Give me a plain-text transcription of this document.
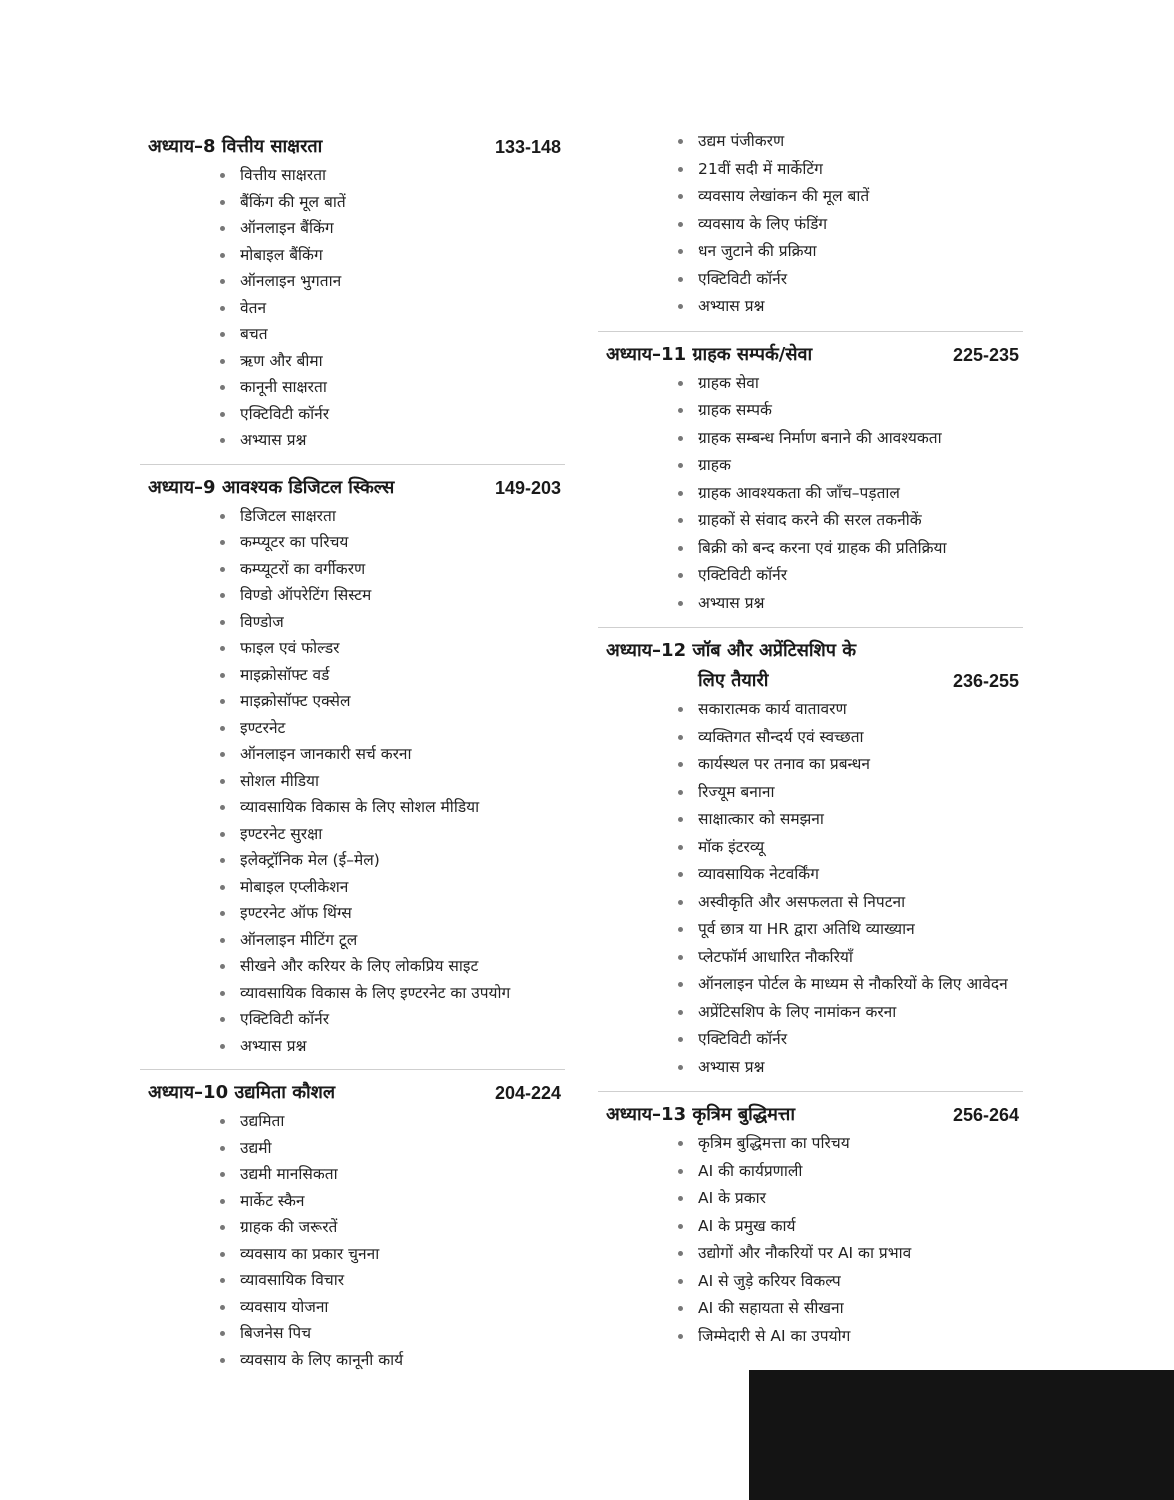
अध्याय–8 वित्तीय साक्षरता	133-148
वित्तीय साक्षरता
बैंकिंग की मूल बातें
ऑनलाइन बैंकिंग
मोबाइल बैंकिंग
ऑनलाइन भुगतान
वेतन
बचत
ऋण और बीमा
कानूनी साक्षरता
एक्टिविटी कॉर्नर
अभ्यास प्रश्न
अध्याय–9 आवश्यक डिजिटल स्किल्स	149-203
डिजिटल साक्षरता
कम्प्यूटर का परिचय
कम्प्यूटरों का वर्गीकरण
विण्डो ऑपरेटिंग सिस्टम
विण्डोज
फाइल एवं फोल्डर
माइक्रोसॉफ्ट वर्ड
माइक्रोसॉफ्ट एक्सेल
इण्टरनेट
ऑनलाइन जानकारी सर्च करना
सोशल मीडिया
व्यावसायिक विकास के लिए सोशल मीडिया
इण्टरनेट सुरक्षा
इलेक्ट्रॉनिक मेल (ई–मेल)
मोबाइल एप्लीकेशन
इण्टरनेट ऑफ थिंग्स
ऑनलाइन मीटिंग टूल
सीखने और करियर के लिए लोकप्रिय साइट
व्यावसायिक विकास के लिए इण्टरनेट का उपयोग
एक्टिविटी कॉर्नर
अभ्यास प्रश्न
अध्याय–10 उद्यमिता कौशल	204-224
उद्यमिता
उद्यमी
उद्यमी मानसिकता
मार्केट स्कैन
ग्राहक की जरूरतें
व्यवसाय का प्रकार चुनना
व्यावसायिक विचार
व्यवसाय योजना
बिजनेस पिच
व्यवसाय के लिए कानूनी कार्य
उद्यम पंजीकरण
21वीं सदी में मार्केटिंग
व्यवसाय लेखांकन की मूल बातें
व्यवसाय के लिए फंडिंग
धन जुटाने की प्रक्रिया
एक्टिविटी कॉर्नर
अभ्यास प्रश्न
अध्याय–11 ग्राहक सम्पर्क/सेवा	225-235
ग्राहक सेवा
ग्राहक सम्पर्क
ग्राहक सम्बन्ध निर्माण बनाने की आवश्यकता
ग्राहक
ग्राहक आवश्यकता की जाँच–पड़ताल
ग्राहकों से संवाद करने की सरल तकनीकें
बिक्री को बन्द करना एवं ग्राहक की प्रतिक्रिया
एक्टिविटी कॉर्नर
अभ्यास प्रश्न
अध्याय–12 जॉब और अप्रेंटिसशिप के
लिए तैयारी	236-255
सकारात्मक कार्य वातावरण
व्यक्तिगत सौन्दर्य एवं स्वच्छता
कार्यस्थल पर तनाव का प्रबन्धन
रिज्यूम बनाना
साक्षात्कार को समझना
मॉक इंटरव्यू
व्यावसायिक नेटवर्किंग
अस्वीकृति और असफलता से निपटना
पूर्व छात्र या HR द्वारा अतिथि व्याख्यान
प्लेटफॉर्म आधारित नौकरियाँ
ऑनलाइन पोर्टल के माध्यम से नौकरियों के लिए आवेदन
अप्रेंटिसशिप के लिए नामांकन करना
एक्टिविटी कॉर्नर
अभ्यास प्रश्न
अध्याय–13 कृत्रिम बुद्धिमत्ता	256-264
कृत्रिम बुद्धिमत्ता का परिचय
AI की कार्यप्रणाली
AI के प्रकार
AI के प्रमुख कार्य
उद्योगों और नौकरियों पर AI का प्रभाव
AI से जुड़े करियर विकल्प
AI की सहायता से सीखना
जिम्मेदारी से AI का उपयोग
